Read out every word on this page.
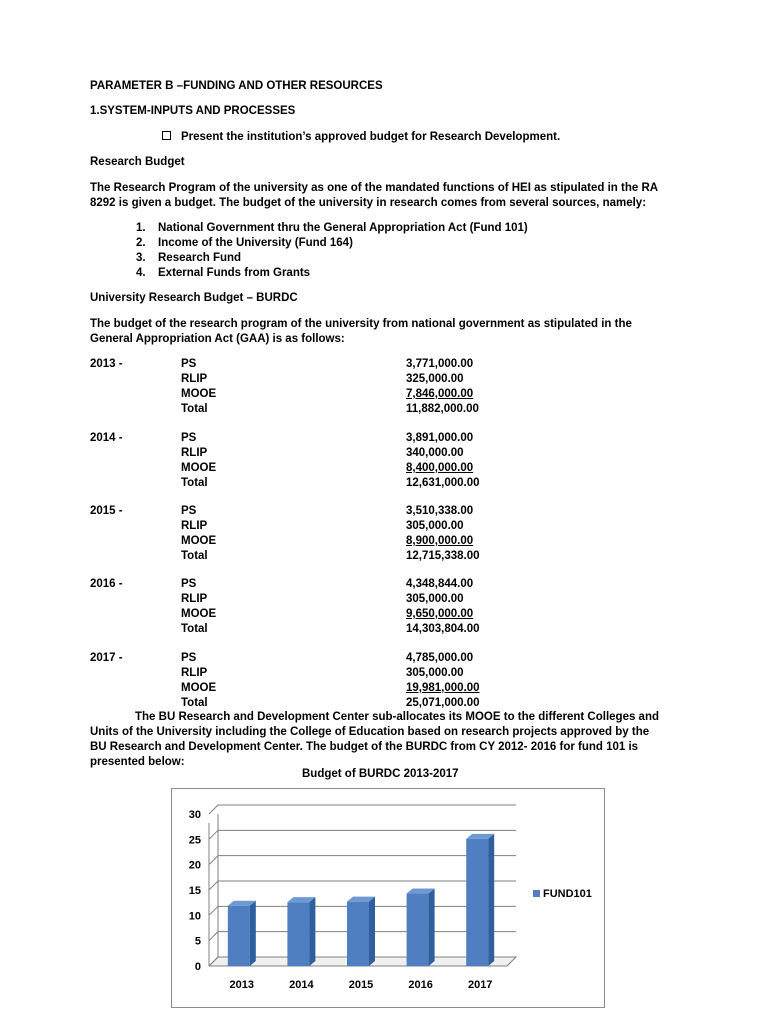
PARAMETER B –FUNDING AND OTHER RESOURCES
1.SYSTEM-INPUTS AND PROCESSES
Present the institution’s approved budget for Research Development.
Research Budget
The Research Program of the university as one of the mandated functions of HEI as stipulated in the RA
8292 is given a budget. The budget of the university in research comes from several sources, namely:
1. National Government thru the General Appropriation Act (Fund 101)
2. Income of the University (Fund 164)
3. Research Fund
4. External Funds from Grants
University Research Budget – BURDC
The budget of the research program of the university from national government as stipulated in the
General Appropriation Act (GAA) is as follows:
2013 -	PS	3,771,000.00
RLIP	325,000.00
MOOE	7,846,000.00
Total	11,882,000.00
2014 -	PS	3,891,000.00
RLIP	340,000.00
MOOE	8,400,000.00
Total	12,631,000.00
2015 -	PS	3,510,338.00
RLIP	305,000.00
MOOE	8,900,000.00
Total	12,715,338.00
2016 -	PS	4,348,844.00
RLIP	305,000.00
MOOE	9,650,000.00
Total	14,303,804.00
2017 -	PS	4,785,000.00
RLIP	305,000.00
MOOE	19,981,000.00
Total	25,071,000.00
The BU Research and Development Center sub-allocates its MOOE to the different Colleges and
Units of the University including the College of Education based on research projects approved by the
BU Research and Development Center. The budget of the BURDC from CY 2012- 2016 for fund 101 is
presented below:
Budget of BURDC 2013-2017
0
5
10
15
20
25
30
2013	2014	2015	2016	2017
FUND101
